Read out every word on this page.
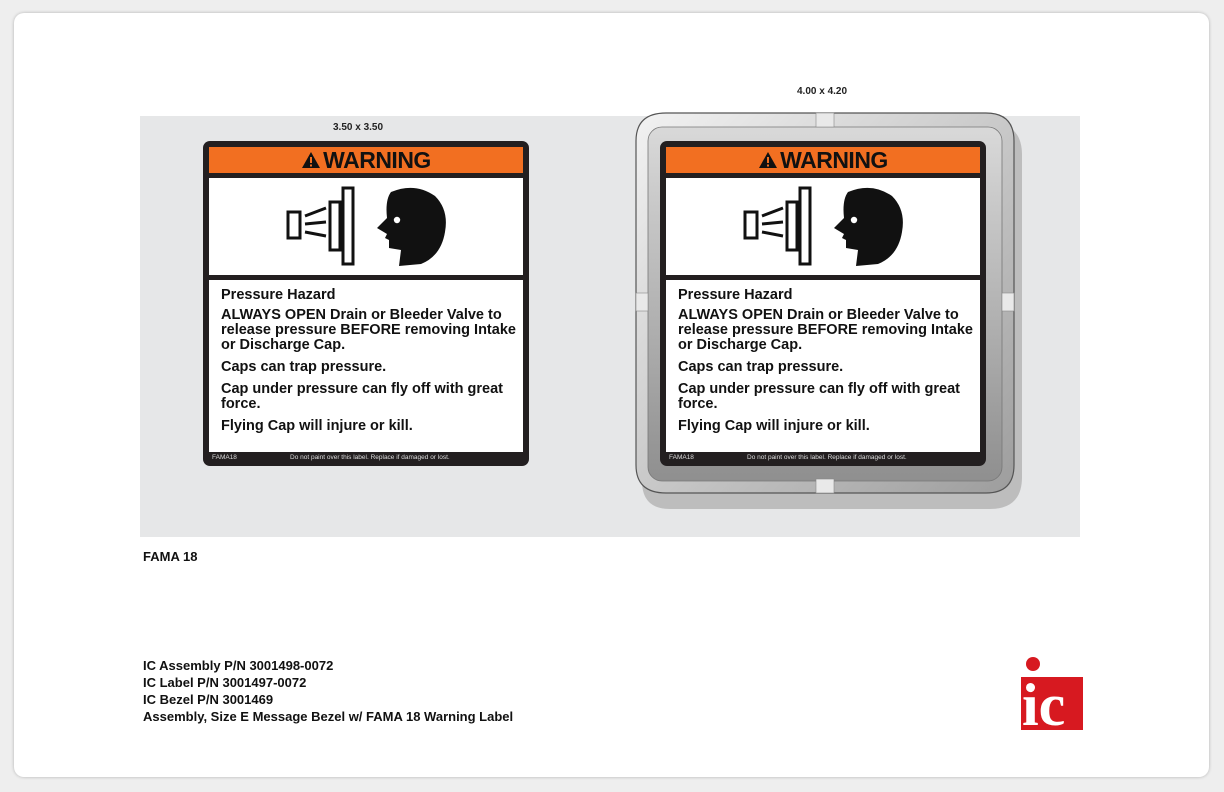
3.50 x 3.50
4.00 x 4.20
WARNING

Pressure Hazard

ALWAYS OPEN Drain or Bleeder Valve to release pressure BEFORE removing Intake or Discharge Cap.

Caps can trap pressure.

Cap under pressure can fly off with great force.

Flying Cap will injure or kill.

FAMA18	Do not paint over this label. Replace if damaged or lost.
WARNING

Pressure Hazard

ALWAYS OPEN Drain or Bleeder Valve to release pressure BEFORE removing Intake or Discharge Cap.

Caps can trap pressure.

Cap under pressure can fly off with great force.

Flying Cap will injure or kill.

FAMA18	Do not paint over this label. Replace if damaged or lost.
FAMA 18
IC Assembly P/N 3001498-0072
IC Label P/N 3001497-0072
IC Bezel P/N 3001469
Assembly, Size E Message Bezel w/ FAMA 18 Warning Label	ic
